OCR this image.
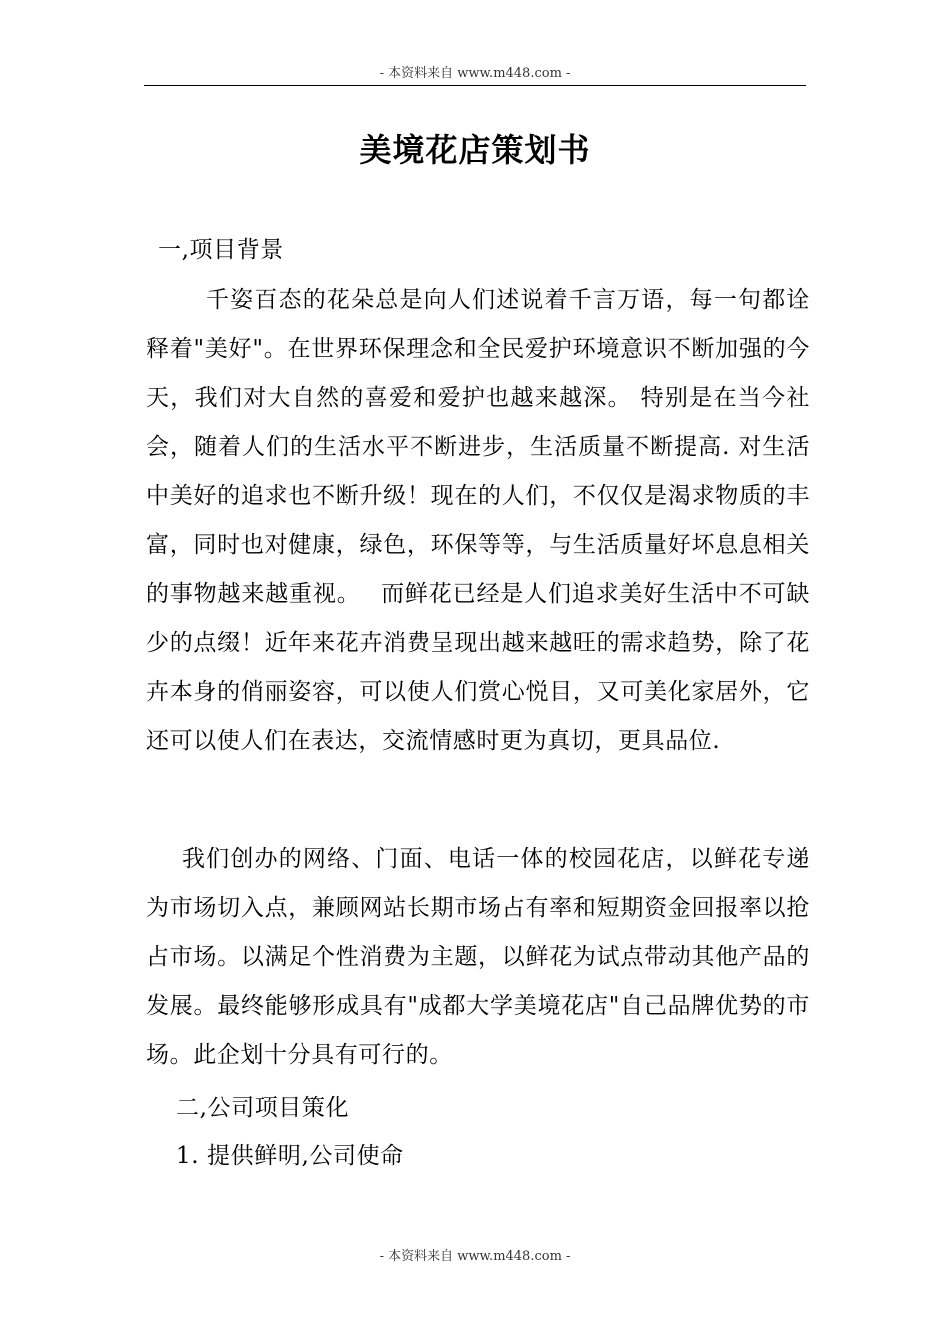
- 本资料来自 www.m448.com -
美境花店策划书
一,项目背景
千姿百态的花朵总是向人们述说着千言万语，每一句都诠释着"美好"。在世界环保理念和全民爱护环境意识不断加强的今天，我们对大自然的喜爱和爱护也越来越深。 特别是在当今社会，随着人们的生活水平不断进步，生活质量不断提高. 对生活中美好的追求也不断升级！现在的人们，不仅仅是渴求物质的丰富，同时也对健康，绿色，环保等等，与生活质量好坏息息相关的事物越来越重视。　 而鲜花已经是人们追求美好生活中不可缺少的点缀！近年来花卉消费呈现出越来越旺的需求趋势，除了花卉本身的俏丽姿容，可以使人们赏心悦目，又可美化家居外，它还可以使人们在表达，交流情感时更为真切，更具品位.
我们创办的网络、门面、电话一体的校园花店，以鲜花专递为市场切入点，兼顾网站长期市场占有率和短期资金回报率以抢占市场。以满足个性消费为主题，以鲜花为试点带动其他产品的发展。最终能够形成具有"成都大学美境花店"自己品牌优势的市场。此企划十分具有可行的。
二,公司项目策化
1. 提供鲜明,公司使命
- 本资料来自 www.m448.com -
